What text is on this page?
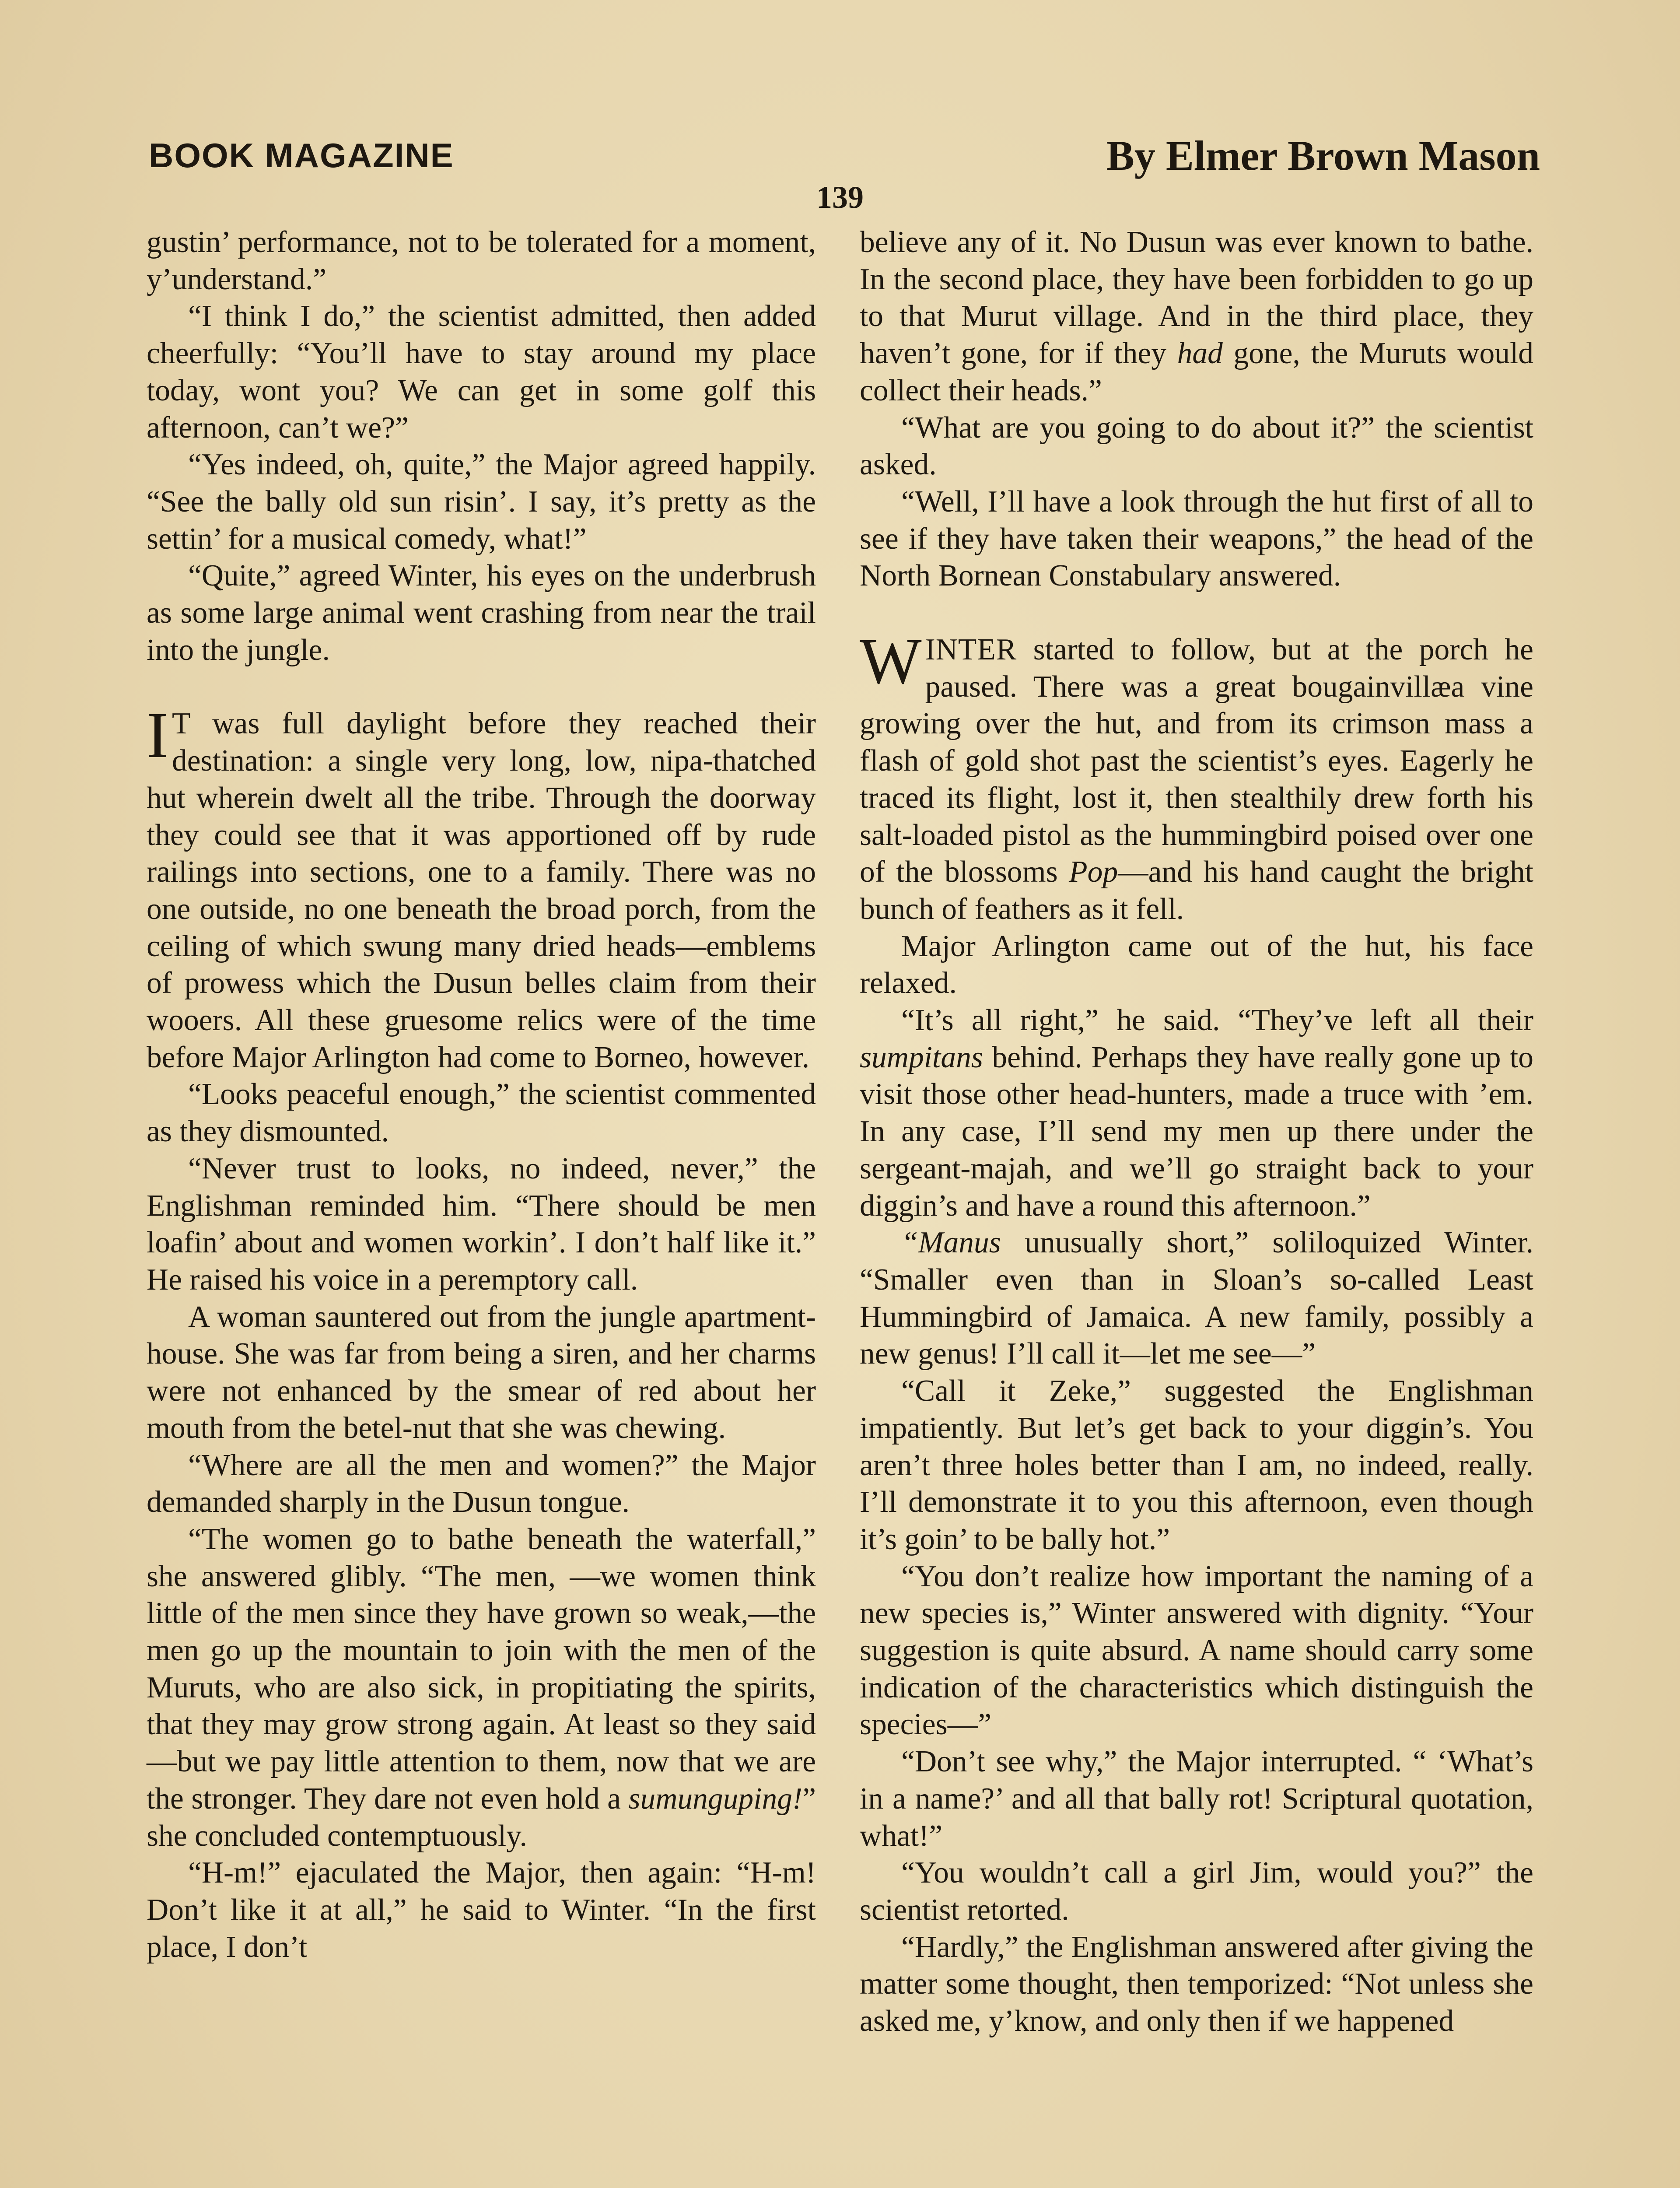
BOOK MAGAZINE	By Elmer Brown Mason
139

gustin’ performance, not to be tolerated for a moment, y’understand.”

“I think I do,” the scientist admitted, then added cheerfully: “You’ll have to stay around my place today, wont you? We can get in some golf this afternoon, can’t we?”

“Yes indeed, oh, quite,” the Major agreed happily. “See the bally old sun risin’. I say, it’s pretty as the settin’ for a musical comedy, what!”

“Quite,” agreed Winter, his eyes on the underbrush as some large animal went crashing from near the trail into the jungle.

I T was full daylight before they reached their destination: a single very long, low, nipa-thatched hut wherein dwelt all the tribe. Through the doorway they could see that it was apportioned off by rude railings into sections, one to a family. There was no one outside, no one beneath the broad porch, from the ceiling of which swung many dried heads—emblems of prowess which the Dusun belles claim from their wooers. All these gruesome relics were of the time before Major Arlington had come to Borneo, however.

“Looks peaceful enough,” the scientist commented as they dismounted.

“Never trust to looks, no indeed, never,” the Englishman reminded him. “There should be men loafin’ about and women workin’. I don’t half like it.” He raised his voice in a peremptory call.

A woman sauntered out from the jungle apartment-house. She was far from being a siren, and her charms were not enhanced by the smear of red about her mouth from the betel-nut that she was chewing.

“Where are all the men and women?” the Major demanded sharply in the Dusun tongue.

“The women go to bathe beneath the waterfall,” she answered glibly. “The men, —we women think little of the men since they have grown so weak,—the men go up the mountain to join with the men of the Muruts, who are also sick, in propitiating the spirits, that they may grow strong again. At least so they said—but we pay little attention to them, now that we are the stronger. They dare not even hold a sumunguping!” she concluded contemptuously.

“H-m!” ejaculated the Major, then again: “H-m! Don’t like it at all,” he said to Winter. “In the first place, I don’t

believe any of it. No Dusun was ever known to bathe. In the second place, they have been forbidden to go up to that Murut village. And in the third place, they haven’t gone, for if they had gone, the Muruts would collect their heads.”

“What are you going to do about it?” the scientist asked.

“Well, I’ll have a look through the hut first of all to see if they have taken their weapons,” the head of the North Bornean Constabulary answered.

WINTER started to follow, but at the porch he paused. There was a great bougainvillæa vine growing over the hut, and from its crimson mass a flash of gold shot past the scientist’s eyes. Eagerly he traced its flight, lost it, then stealthily drew forth his salt-loaded pistol as the hummingbird poised over one of the blossoms Pop—and his hand caught the bright bunch of feathers as it fell.

Major Arlington came out of the hut, his face relaxed.

“It’s all right,” he said. “They’ve left all their sumpitans behind. Perhaps they have really gone up to visit those other head-hunters, made a truce with ’em. In any case, I’ll send my men up there under the sergeant-majah, and we’ll go straight back to your diggin’s and have a round this afternoon.”

“Manus unusually short,” soliloquized Winter. “Smaller even than in Sloan’s so-called Least Hummingbird of Jamaica. A new family, possibly a new genus! I’ll call it—let me see—”

“Call it Zeke,” suggested the Englishman impatiently. But let’s get back to your diggin’s. You aren’t three holes better than I am, no indeed, really. I’ll demonstrate it to you this afternoon, even though it’s goin’ to be bally hot.”

“You don’t realize how important the naming of a new species is,” Winter answered with dignity. “Your suggestion is quite absurd. A name should carry some indication of the characteristics which distinguish the species—”

“Don’t see why,” the Major interrupted. “ ‘What’s in a name?’ and all that bally rot! Scriptural quotation, what!”

“You wouldn’t call a girl Jim, would you?” the scientist retorted.

“Hardly,” the Englishman answered after giving the matter some thought, then temporized: “Not unless she asked me, y’know, and only then if we happened
